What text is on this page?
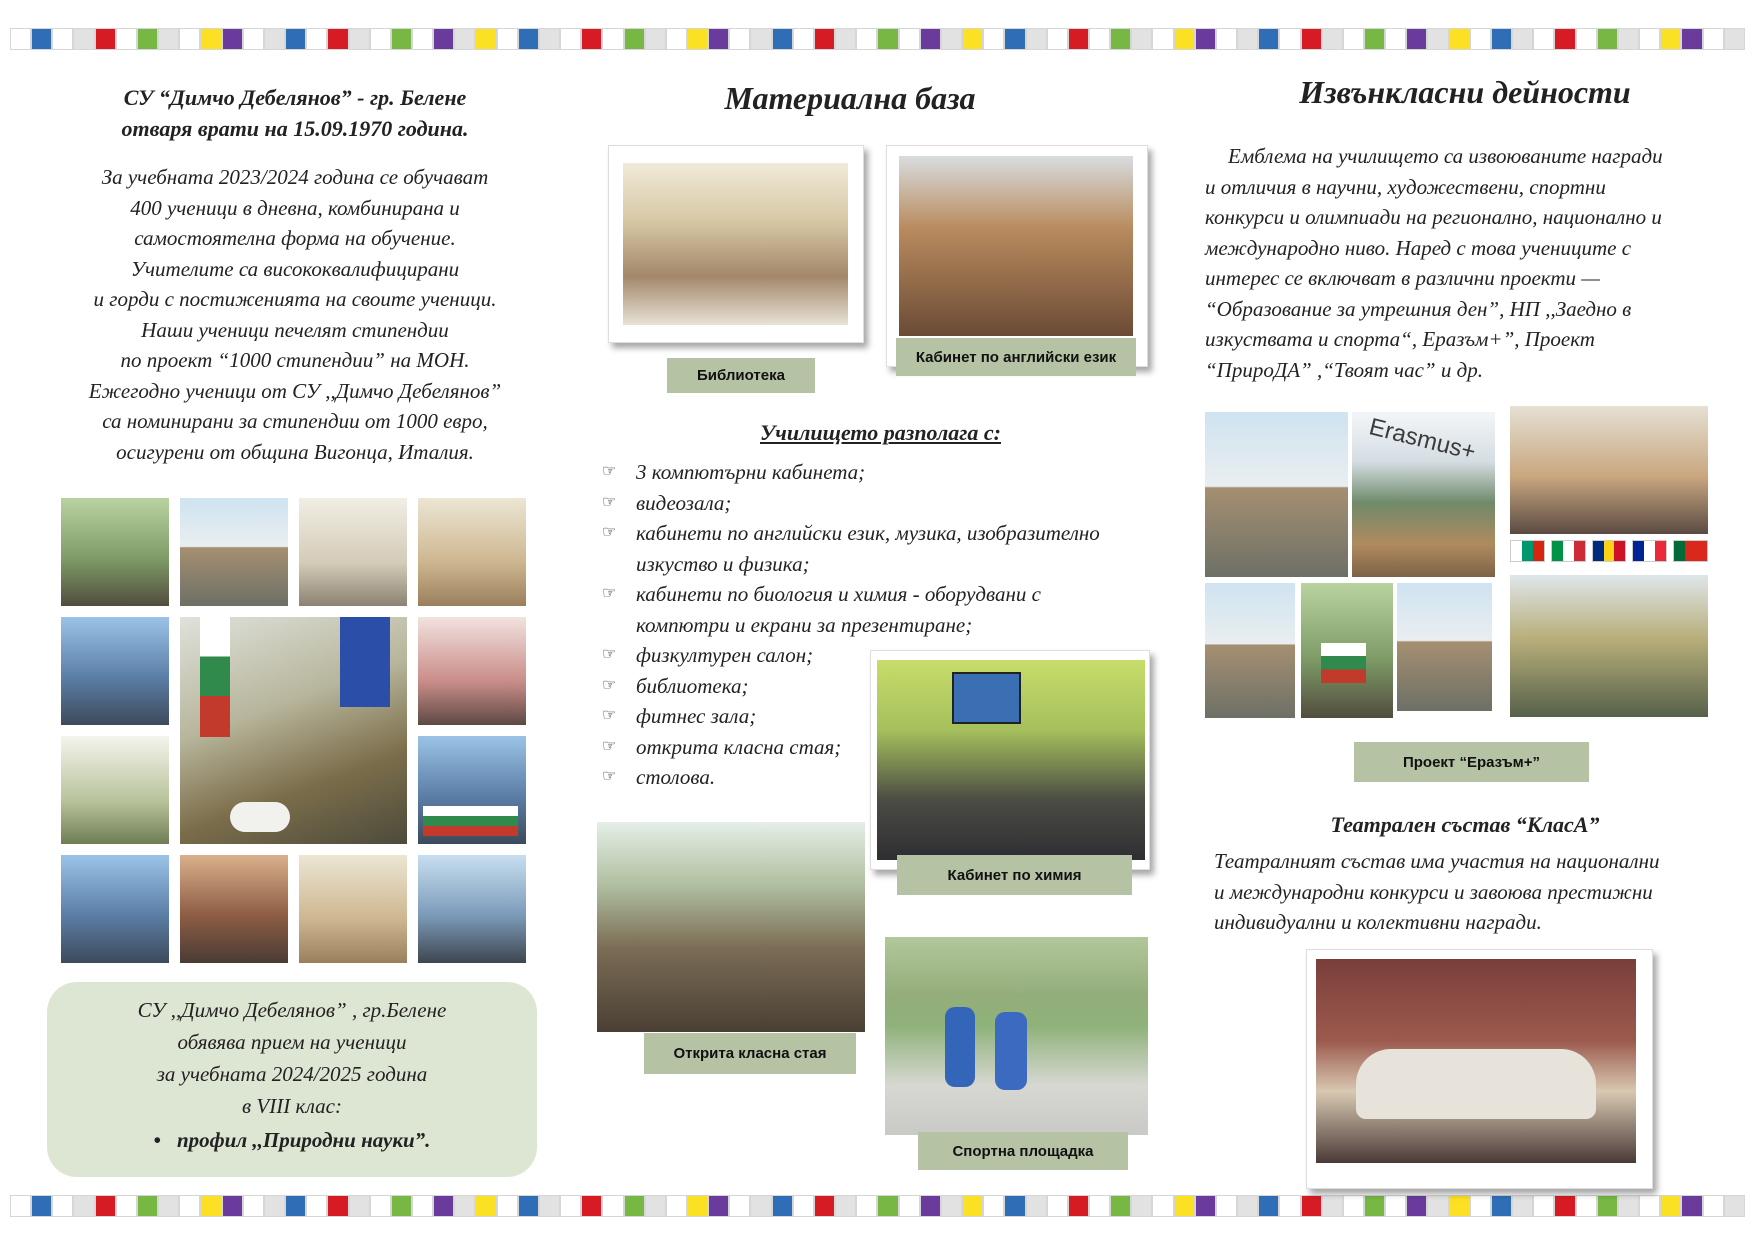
СУ “Димчо Дебелянов” - гр. Белене
отваря врати на 15.09.1970 година.
За учебната 2023/2024 година се обучават
400 ученици в дневна, комбинирана и
самостоятелна форма на обучение.
Учителите са висококвалифицирани
и горди с постиженията на своите ученици.
Наши ученици печелят стипендии
по проект “1000 стипендии” на МОН.
Ежегодно ученици от СУ ,,Димчо Дебелянов”
са номинирани за стипендии от 1000 евро,
осигурени от община Вигонца, Италия.
СУ ,,Димчо Дебелянов” , гр.Белене
обявява прием на ученици
за учебната 2024/2025 година
в VIII клас:
• профил ,,Природни науки”.
Материална база
Библиотека
Кабинет по английски език
Училището разполага с:
☞ 3 компютърни кабинета;
☞ видеозала;
☞ кабинети по английски език, музика, изобразително изкуство и физика;
☞ кабинети по биология и химия - оборудвани с компютри и екрани за презентиране;
☞ физкултурен салон;
☞ библиотека;
☞ фитнес зала;
☞ открита класна стая;
☞ столова.
Кабинет по химия
Открита класна стая
Спортна площадка
Извънкласни дейности
Емблема на училището са извоюваните награди
и отличия в научни, художествени, спортни
конкурси и олимпиади на регионално, национално и
международно ниво. Наред с това учениците с
интерес се включват в различни проекти —
“Образование за утрешния ден”, НП ,,Заедно в
изкуствата и спорта“, Еразъм+”, Проект
“ПрироДА” ,“Твоят час” и др.
Erasmus+
Проект “Еразъм+”
Театрален състав “КласА”
Театралният състав има участия на национални
и международни конкурси и завоюва престижни
индивидуални и колективни награди.
